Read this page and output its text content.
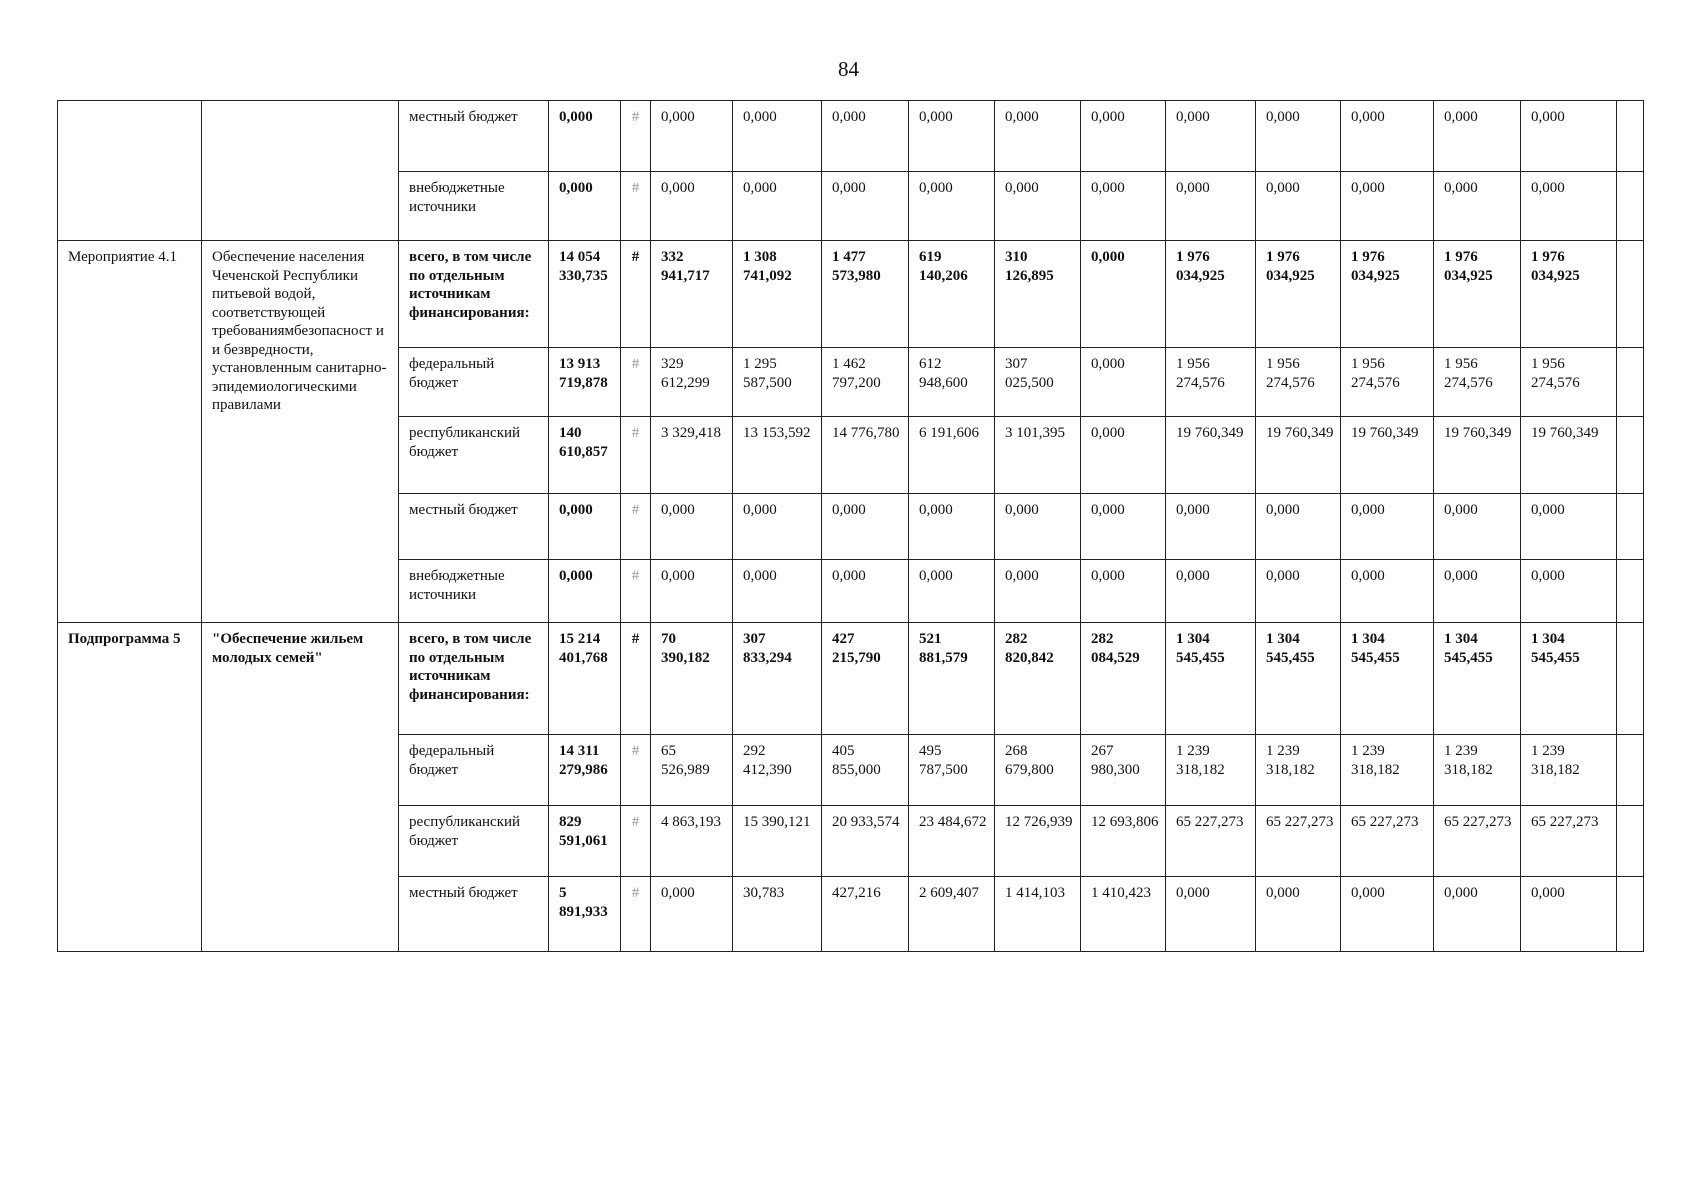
84
		местный бюджет	0,000	#	0,000	0,000	0,000	0,000	0,000	0,000	0,000	0,000	0,000	0,000	0,000	
		внебюджетные источники	0,000	#	0,000	0,000	0,000	0,000	0,000	0,000	0,000	0,000	0,000	0,000	0,000	
Мероприятие 4.1	Обеспечение населения Чеченской Республики питьевой водой, соответствующей требованиямбезопасност и и безвредности, установленным санитарно-эпидемиологическими правилами	всего, в том числе по отдельным источникам финансирования:	14 054 330,735	#	332 941,717	1 308 741,092	1 477 573,980	619 140,206	310 126,895	0,000	1 976 034,925	1 976 034,925	1 976 034,925	1 976 034,925	1 976 034,925	
		федеральный бюджет	13 913 719,878	#	329 612,299	1 295 587,500	1 462 797,200	612 948,600	307 025,500	0,000	1 956 274,576	1 956 274,576	1 956 274,576	1 956 274,576	1 956 274,576	
		республиканский бюджет	140 610,857	#	3 329,418	13 153,592	14 776,780	6 191,606	3 101,395	0,000	19 760,349	19 760,349	19 760,349	19 760,349	19 760,349	
		местный бюджет	0,000	#	0,000	0,000	0,000	0,000	0,000	0,000	0,000	0,000	0,000	0,000	0,000	
		внебюджетные источники	0,000	#	0,000	0,000	0,000	0,000	0,000	0,000	0,000	0,000	0,000	0,000	0,000	
Подпрограмма 5	"Обеспечение жильем молодых семей"	всего, в том числе по отдельным источникам финансирования:	15 214 401,768	#	70 390,182	307 833,294	427 215,790	521 881,579	282 820,842	282 084,529	1 304 545,455	1 304 545,455	1 304 545,455	1 304 545,455	1 304 545,455	
		федеральный бюджет	14 311 279,986	#	65 526,989	292 412,390	405 855,000	495 787,500	268 679,800	267 980,300	1 239 318,182	1 239 318,182	1 239 318,182	1 239 318,182	1 239 318,182	
		республиканский бюджет	829 591,061	#	4 863,193	15 390,121	20 933,574	23 484,672	12 726,939	12 693,806	65 227,273	65 227,273	65 227,273	65 227,273	65 227,273	
		местный бюджет	5 891,933	#	0,000	30,783	427,216	2 609,407	1 414,103	1 410,423	0,000	0,000	0,000	0,000	0,000	
